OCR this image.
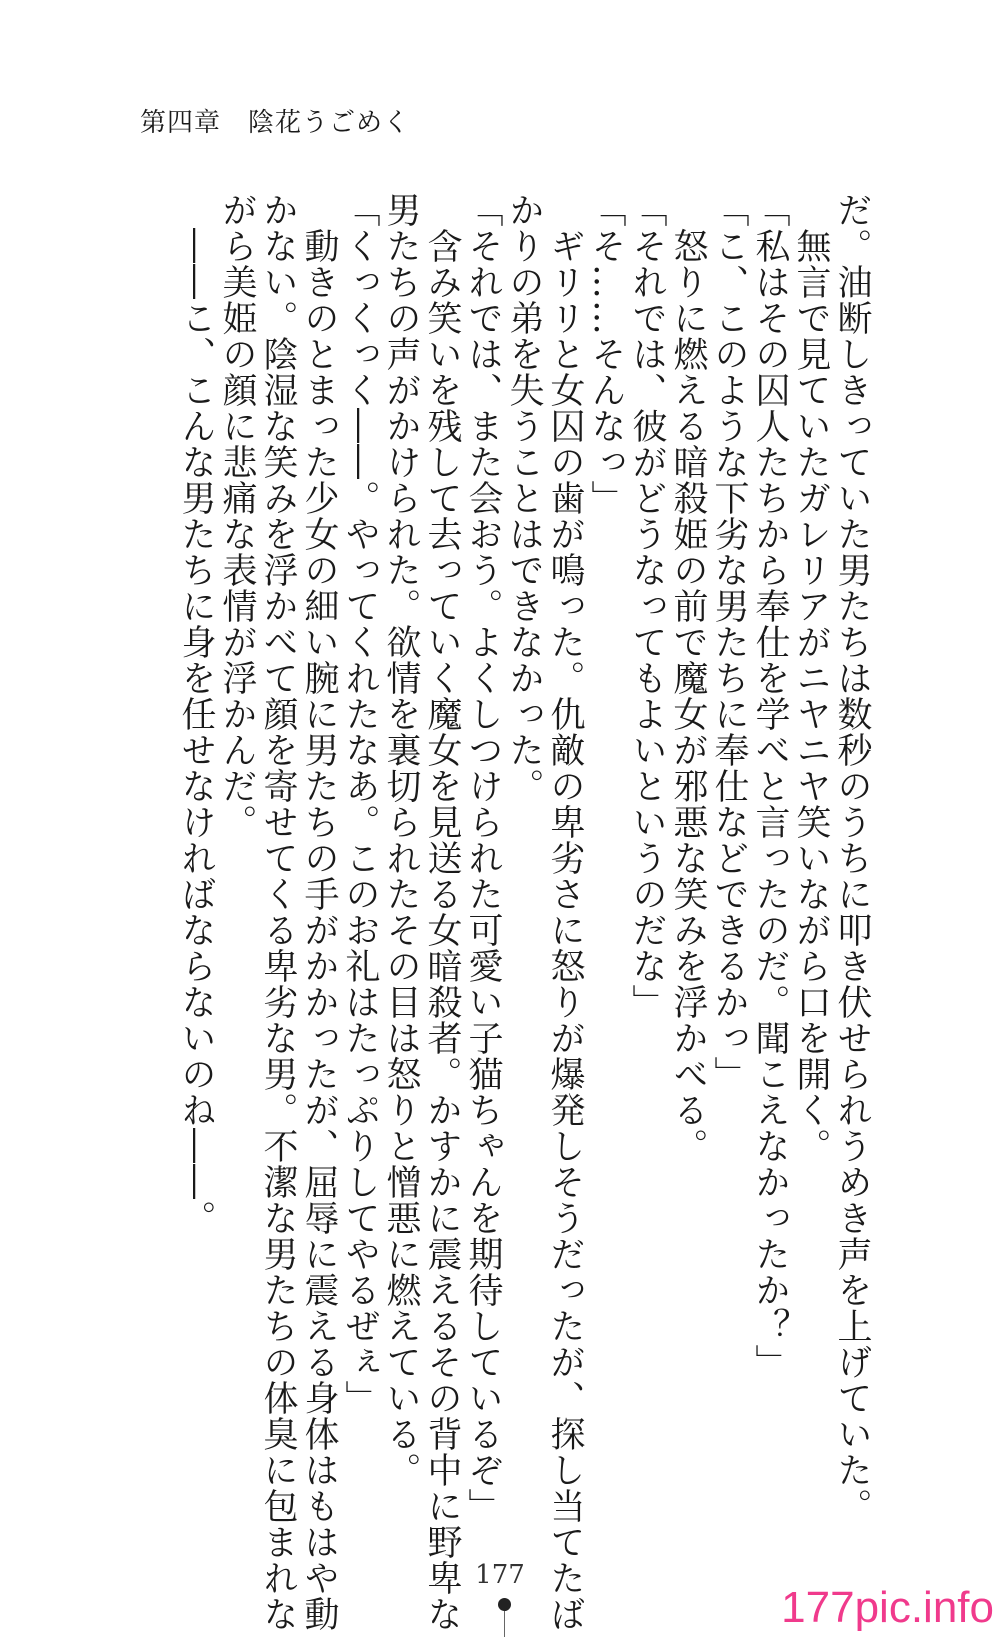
第四章　陰花うごめく

だ。油断しきっていた男たちは数秒のうちに叩き伏せられうめき声を上げていた。

　無言で見ていたガレリアがニヤニヤ笑いながら口を開く。

「私はその囚人たちから奉仕を学べと言ったのだ。聞こえなかったか？」

「こ、このような下劣な男たちに奉仕などできるかっ」

　怒りに燃える暗殺姫の前で魔女が邪悪な笑みを浮かべる。

「それでは、彼がどうなってもよいというのだな」

「そ……そんなっ」

　ギリリと女囚の歯が鳴った。仇敵の卑劣さに怒りが爆発しそうだったが、探し当てたば

かりの弟を失うことはできなかった。

「それでは、また会おう。よくしつけられた可愛い子猫ちゃんを期待しているぞ」

　含み笑いを残して去っていく魔女を見送る女暗殺者。かすかに震えるその背中に野卑な

男たちの声がかけられた。欲情を裏切られたその目は怒りと憎悪に燃えている。

「くっくっく――。やってくれたなあ。このお礼はたっぷりしてやるぜぇ」

　動きのとまった少女の細い腕に男たちの手がかかったが、屈辱に震える身体はもはや動

かない。陰湿な笑みを浮かべて顔を寄せてくる卑劣な男。不潔な男たちの体臭に包まれな

がら美姫の顔に悲痛な表情が浮かんだ。

　――こ、こんな男たちに身を任せなければならないのね――。

177
177pic.info
